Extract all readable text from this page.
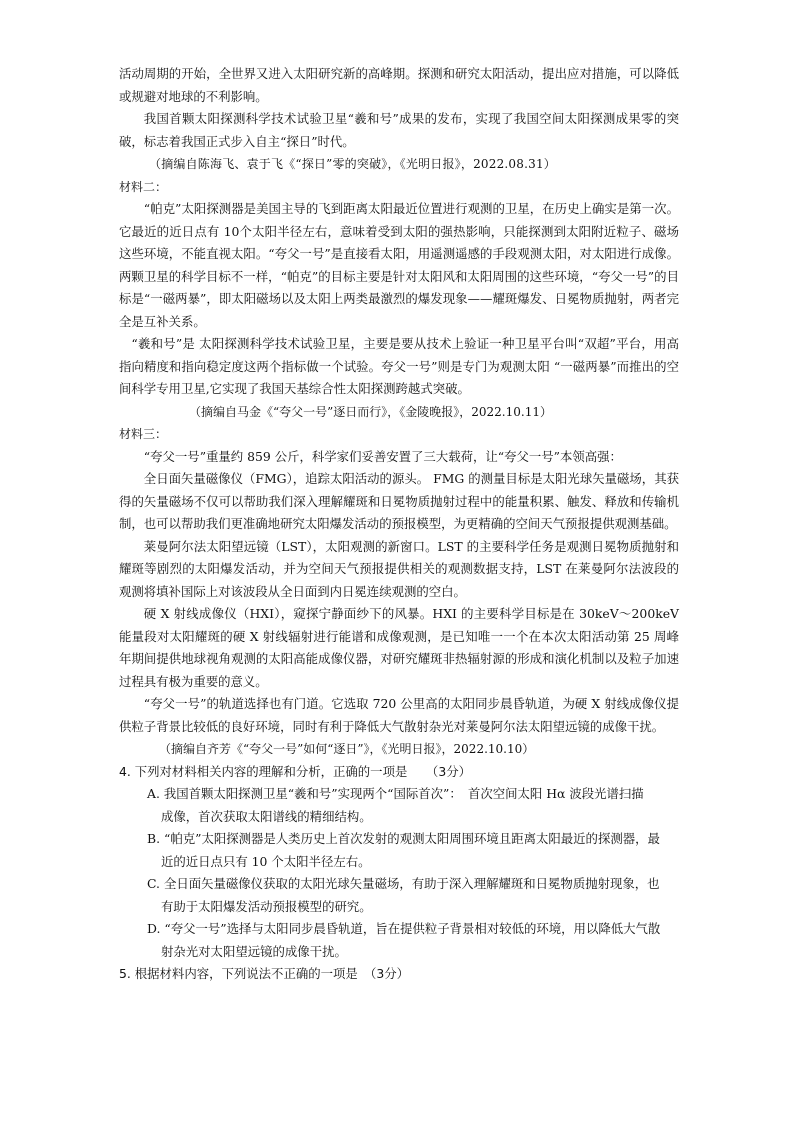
活动周期的开始，全世界又进入太阳研究新的高峰期。探测和研究太阳活动，提出应对措施，可以降低或规避对地球的不利影响。

我国首颗太阳探测科学技术试验卫星“羲和号”成果的发布，实现了我国空间太阳探测成果零的突破，标志着我国正式步入自主“探日”时代。

（摘编自陈海飞、袁于飞《“探日”零的突破》，《光明日报》，2022.08.31）

材料二：

“帕克”太阳探测器是美国主导的飞到距离太阳最近位置进行观测的卫星，在历史上确实是第一次。它最近的近日点有 10个太阳半径左右，意味着受到太阳的强热影响，只能探测到太阳附近粒子、磁场这些环境，不能直视太阳。“夸父一号”是直接看太阳，用遥测遥感的手段观测太阳，对太阳进行成像。两颗卫星的科学目标不一样，“帕克”的目标主要是针对太阳风和太阳周围的这些环境，“夸父一号”的目标是“一磁两暴”，即太阳磁场以及太阳上两类最激烈的爆发现象——耀斑爆发、日冕物质抛射，两者完全是互补关系。

“羲和号”是 太阳探测科学技术试验卫星，主要是要从技术上验证一种卫星平台叫“双超”平台，用高指向精度和指向稳定度这两个指标做一个试验。夸父一号”则是专门为观测太阳 “一磁两暴”而推出的空间科学专用卫星,它实现了我国天基综合性太阳探测跨越式突破。

（摘编自马金《“夸父一号”逐日而行》，《金陵晚报》，2022.10.11）

材料三：

“夸父一号”重量约 859 公斤，科学家们妥善安置了三大载荷，让“夸父一号”本领高强：

全日面矢量磁像仪（FMG），追踪太阳活动的源头。 FMG 的测量目标是太阳光球矢量磁场，其获得的矢量磁场不仅可以帮助我们深入理解耀斑和日冕物质抛射过程中的能量积累、触发、释放和传输机制，也可以帮助我们更准确地研究太阳爆发活动的预报模型，为更精确的空间天气预报提供观测基础。

莱曼阿尔法太阳望远镜（LST），太阳观测的新窗口。LST 的主要科学任务是观测日冕物质抛射和耀斑等剧烈的太阳爆发活动，并为空间天气预报提供相关的观测数据支持，LST 在莱曼阿尔法波段的观测将填补国际上对该波段从全日面到内日冕连续观测的空白。

硬 X 射线成像仪（HXI），窥探宁静面纱下的风暴。HXI 的主要科学目标是在 30keV～200keV 能量段对太阳耀斑的硬 X 射线辐射进行能谱和成像观测，是已知唯一一个在本次太阳活动第 25 周峰年期间提供地球视角观测的太阳高能成像仪器，对研究耀斑非热辐射源的形成和演化机制以及粒子加速过程具有极为重要的意义。

“夸父一号”的轨道选择也有门道。它选取 720 公里高的太阳同步晨昏轨道，为硬 X 射线成像仪提供粒子背景比较低的良好环境，同时有利于降低大气散射杂光对莱曼阿尔法太阳望远镜的成像干扰。

（摘编自齐芳《“夸父一号”如何“逐日”》，《光明日报》，2022.10.10）

4. 下列对材料相关内容的理解和分析，正确的一项是　　（3分）

A. 我国首颗太阳探测卫星“羲和号”实现两个“国际首次”：　首次空间太阳 Hα 波段光谱扫描
成像，首次获取太阳谱线的精细结构。

B. “帕克”太阳探测器是人类历史上首次发射的观测太阳周围环境且距离太阳最近的探测器，最
近的近日点只有 10 个太阳半径左右。

C. 全日面矢量磁像仪获取的太阳光球矢量磁场，有助于深入理解耀斑和日冕物质抛射现象，也
有助于太阳爆发活动预报模型的研究。

D. “夸父一号”选择与太阳同步晨昏轨道，旨在提供粒子背景相对较低的环境，用以降低大气散
射杂光对太阳望远镜的成像干扰。

5. 根据材料内容，下列说法不正确的一项是　（3分）
